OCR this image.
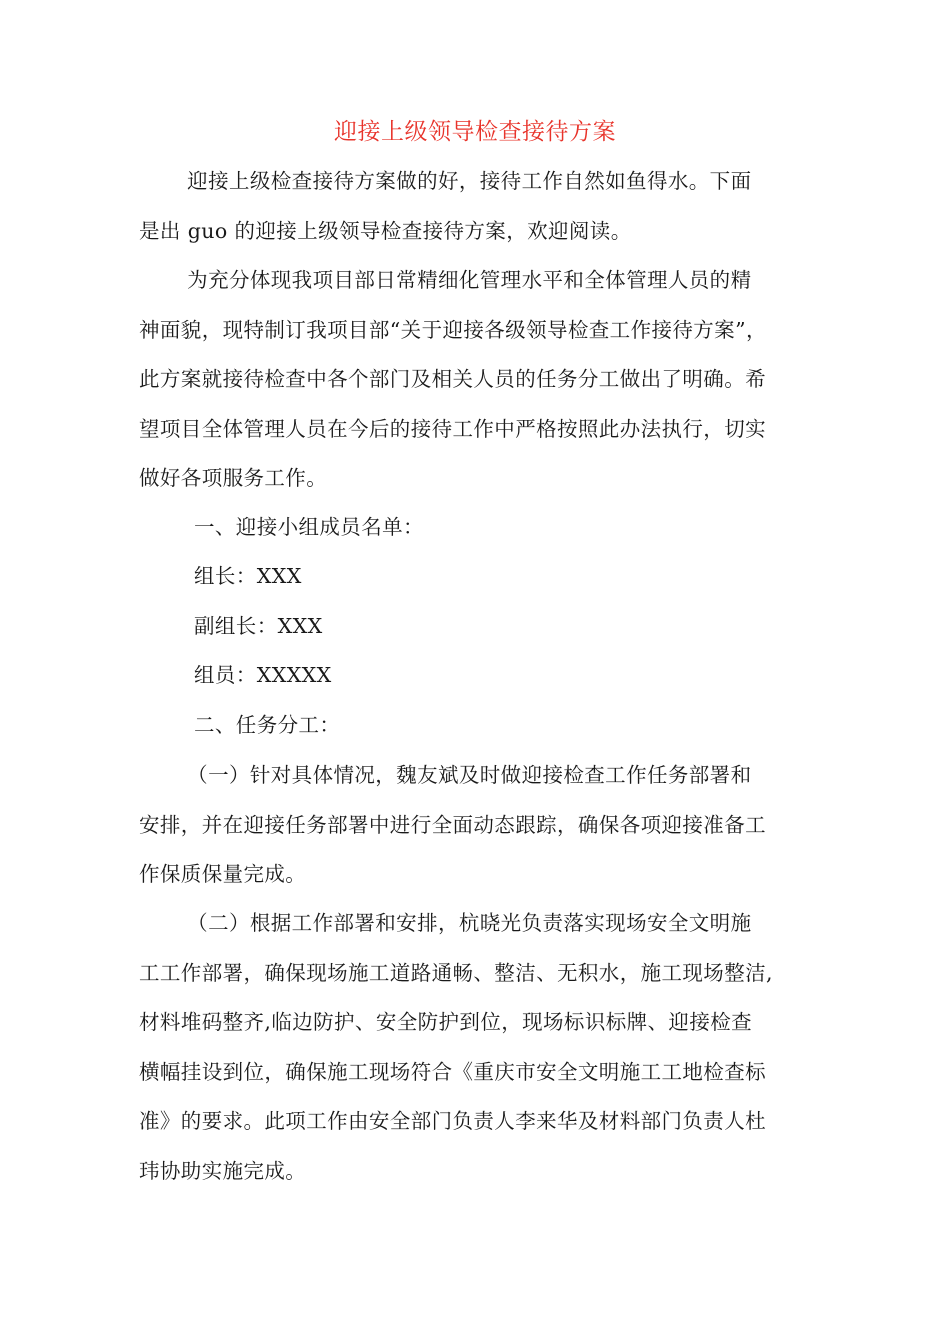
迎接上级领导检查接待方案

迎接上级检查接待方案做的好，接待工作自然如鱼得水。下面
是出 guo 的迎接上级领导检查接待方案，欢迎阅读。

为充分体现我项目部日常精细化管理水平和全体管理人员的精
神面貌，现特制订我项目部“关于迎接各级领导检查工作接待方案”，
此方案就接待检查中各个部门及相关人员的任务分工做出了明确。希
望项目全体管理人员在今后的接待工作中严格按照此办法执行，切实
做好各项服务工作。

一、迎接小组成员名单：

组长：XXX

副组长：XXX

组员：XXXXX

二、任务分工：

（一）针对具体情况，魏友斌及时做迎接检查工作任务部署和
安排，并在迎接任务部署中进行全面动态跟踪，确保各项迎接准备工
作保质保量完成。

（二）根据工作部署和安排，杭晓光负责落实现场安全文明施
工工作部署，确保现场施工道路通畅、整洁、无积水，施工现场整洁,
材料堆码整齐,临边防护、安全防护到位，现场标识标牌、迎接检查
横幅挂设到位，确保施工现场符合《重庆市安全文明施工工地检查标
准》的要求。此项工作由安全部门负责人李来华及材料部门负责人杜
玮协助实施完成。
